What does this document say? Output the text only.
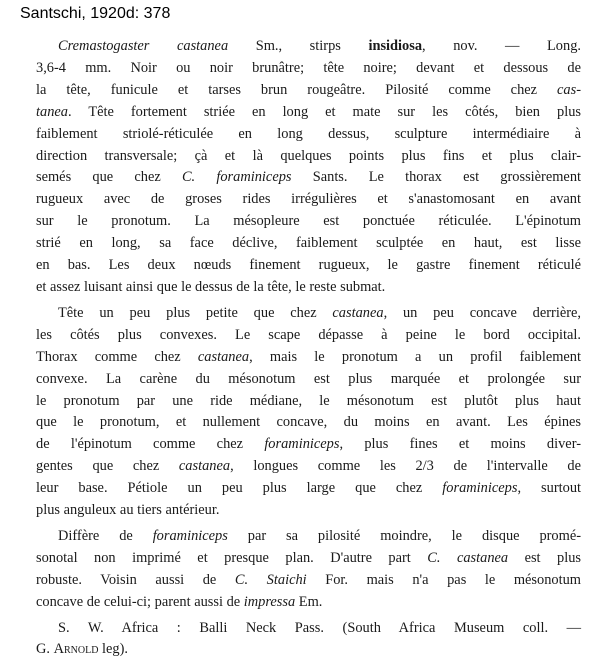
Santschi, 1920d: 378
Cremastogaster castanea Sm., stirps insidiosa, nov. — Long.
3,6-4 mm. Noir ou noir brunâtre; tête noire; devant et dessous de
la tête, funicule et tarses brun rougeâtre. Pilosité comme chez cas-
tanea. Tête fortement striée en long et mate sur les côtés, bien plus
faiblement striolé-réticulée en long dessus, sculpture intermédiaire à
direction transversale; çà et là quelques points plus fins et plus clair-
semés que chez C. foraminiceps Sants. Le thorax est grossièrement
rugueux avec de groses rides irrégulières et s'anastomosant en avant
sur le pronotum. La mésopleure est ponctuée réticulée. L'épinotum
strié en long, sa face déclive, faiblement sculptée en haut, est lisse
en bas. Les deux nœuds finement rugueux, le gastre finement réticulé
et assez luisant ainsi que le dessus de la tête, le reste submat.
Tête un peu plus petite que chez castanea, un peu concave derrière,
les côtés plus convexes. Le scape dépasse à peine le bord occipital.
Thorax comme chez castanea, mais le pronotum a un profil faiblement
convexe. La carène du mésonotum est plus marquée et prolongée sur
le pronotum par une ride médiane, le mésonotum est plutôt plus haut
que le pronotum, et nullement concave, du moins en avant. Les épines
de l'épinotum comme chez foraminiceps, plus fines et moins diver-
gentes que chez castanea, longues comme les 2/3 de l'intervalle de
leur base. Pétiole un peu plus large que chez foraminiceps, surtout
plus anguleux au tiers antérieur.
Diffère de foraminiceps par sa pilosité moindre, le disque promé-
sonotal non imprimé et presque plan. D'autre part C. castanea est plus
robuste. Voisin aussi de C. Staichi For. mais n'a pas le mésonotum
concave de celui-ci; parent aussi de impressa Em.
S. W. Africa : Balli Neck Pass. (South Africa Museum coll. —
G. Arnold leg).
